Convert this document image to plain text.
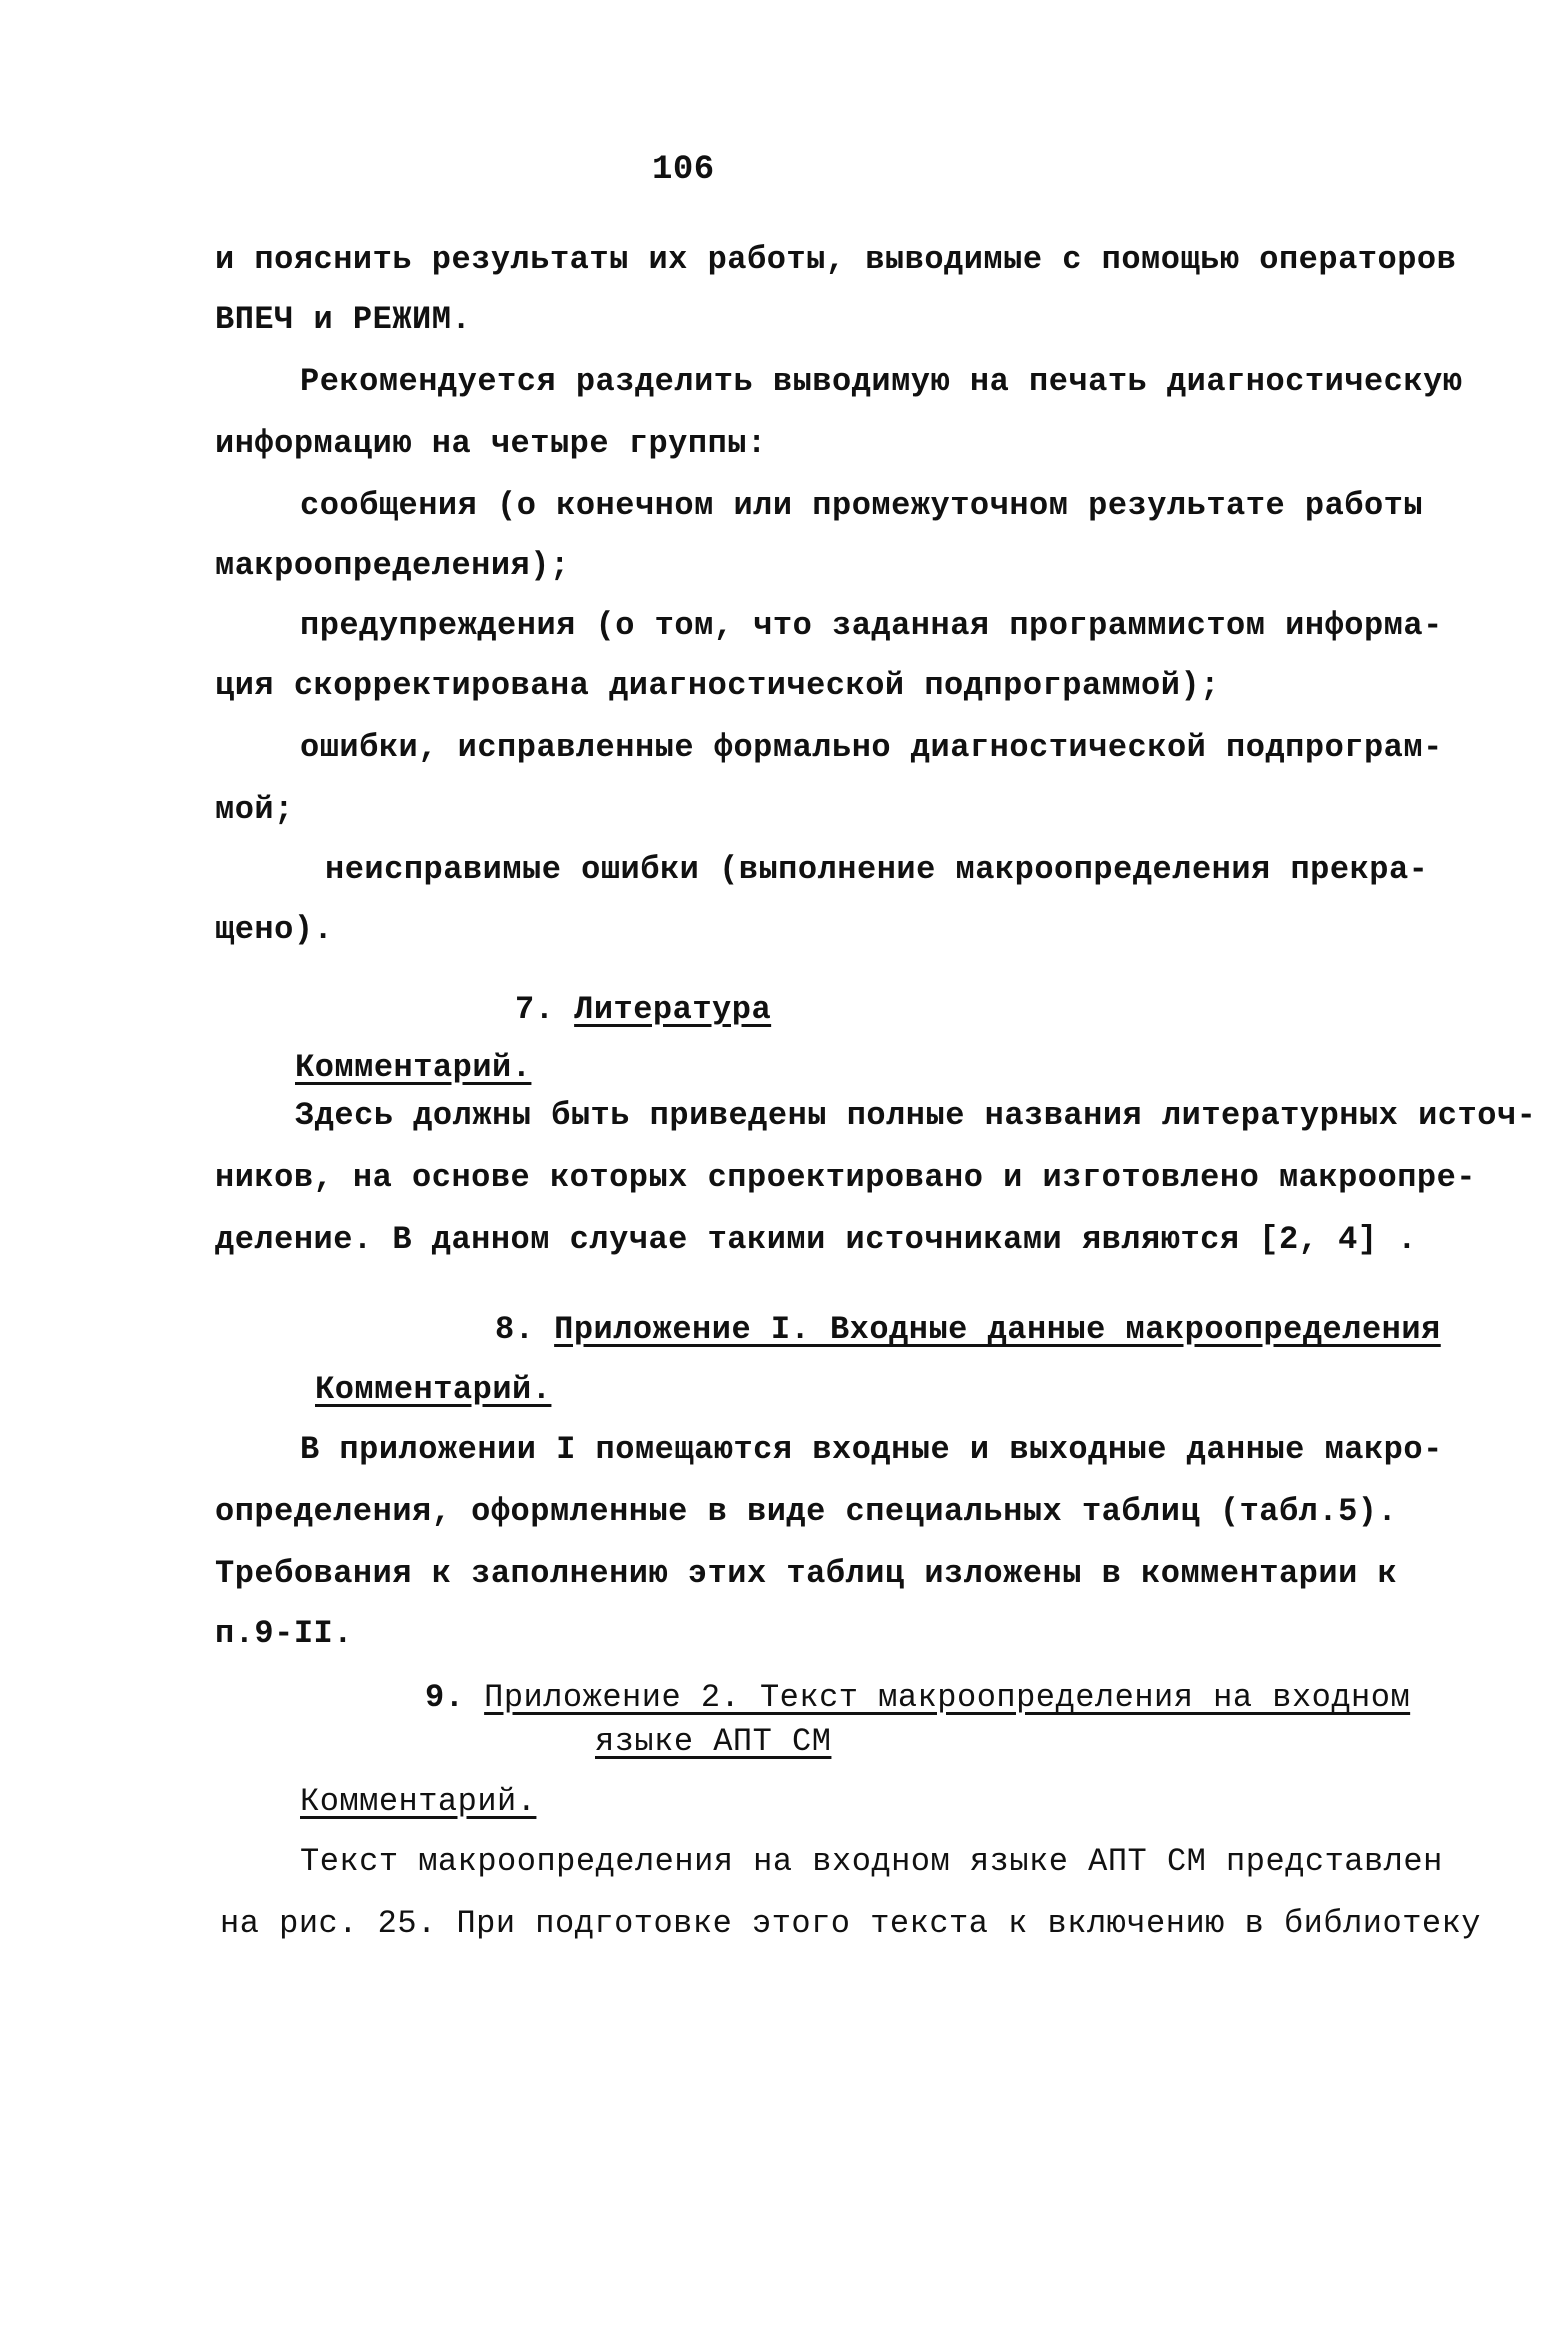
106
и пояснить результаты их работы, выводимые с помощью операторов
ВПЕЧ и РЕЖИМ.
Рекомендуется разделить выводимую на печать диагностическую
информацию на четыре группы:
сообщения (о конечном или промежуточном результате работы
макроопределения);
предупреждения (о том, что заданная программистом информа-
ция скорректирована диагностической подпрограммой);
ошибки, исправленные формально диагностической подпрограм-
мой;
неисправимые ошибки (выполнение макроопределения прекра-
щено).
7. Литература
Комментарий.
Здесь должны быть приведены полные названия литературных источ-
ников, на основе которых спроектировано и изготовлено макроопре-
деление. В данном случае такими источниками являются [2, 4] .
8. Приложение I. Входные данные макроопределения
Комментарий.
В приложении I помещаются входные и выходные данные макро-
определения, оформленные в виде специальных таблиц (табл.5).
Требования к заполнению этих таблиц изложены в комментарии к
п.9-II.
9. Приложение 2. Текст макроопределения на входном
языке АПТ СМ
Комментарий.
Текст макроопределения на входном языке АПТ СМ представлен
на рис. 25. При подготовке этого текста к включению в библиотеку
